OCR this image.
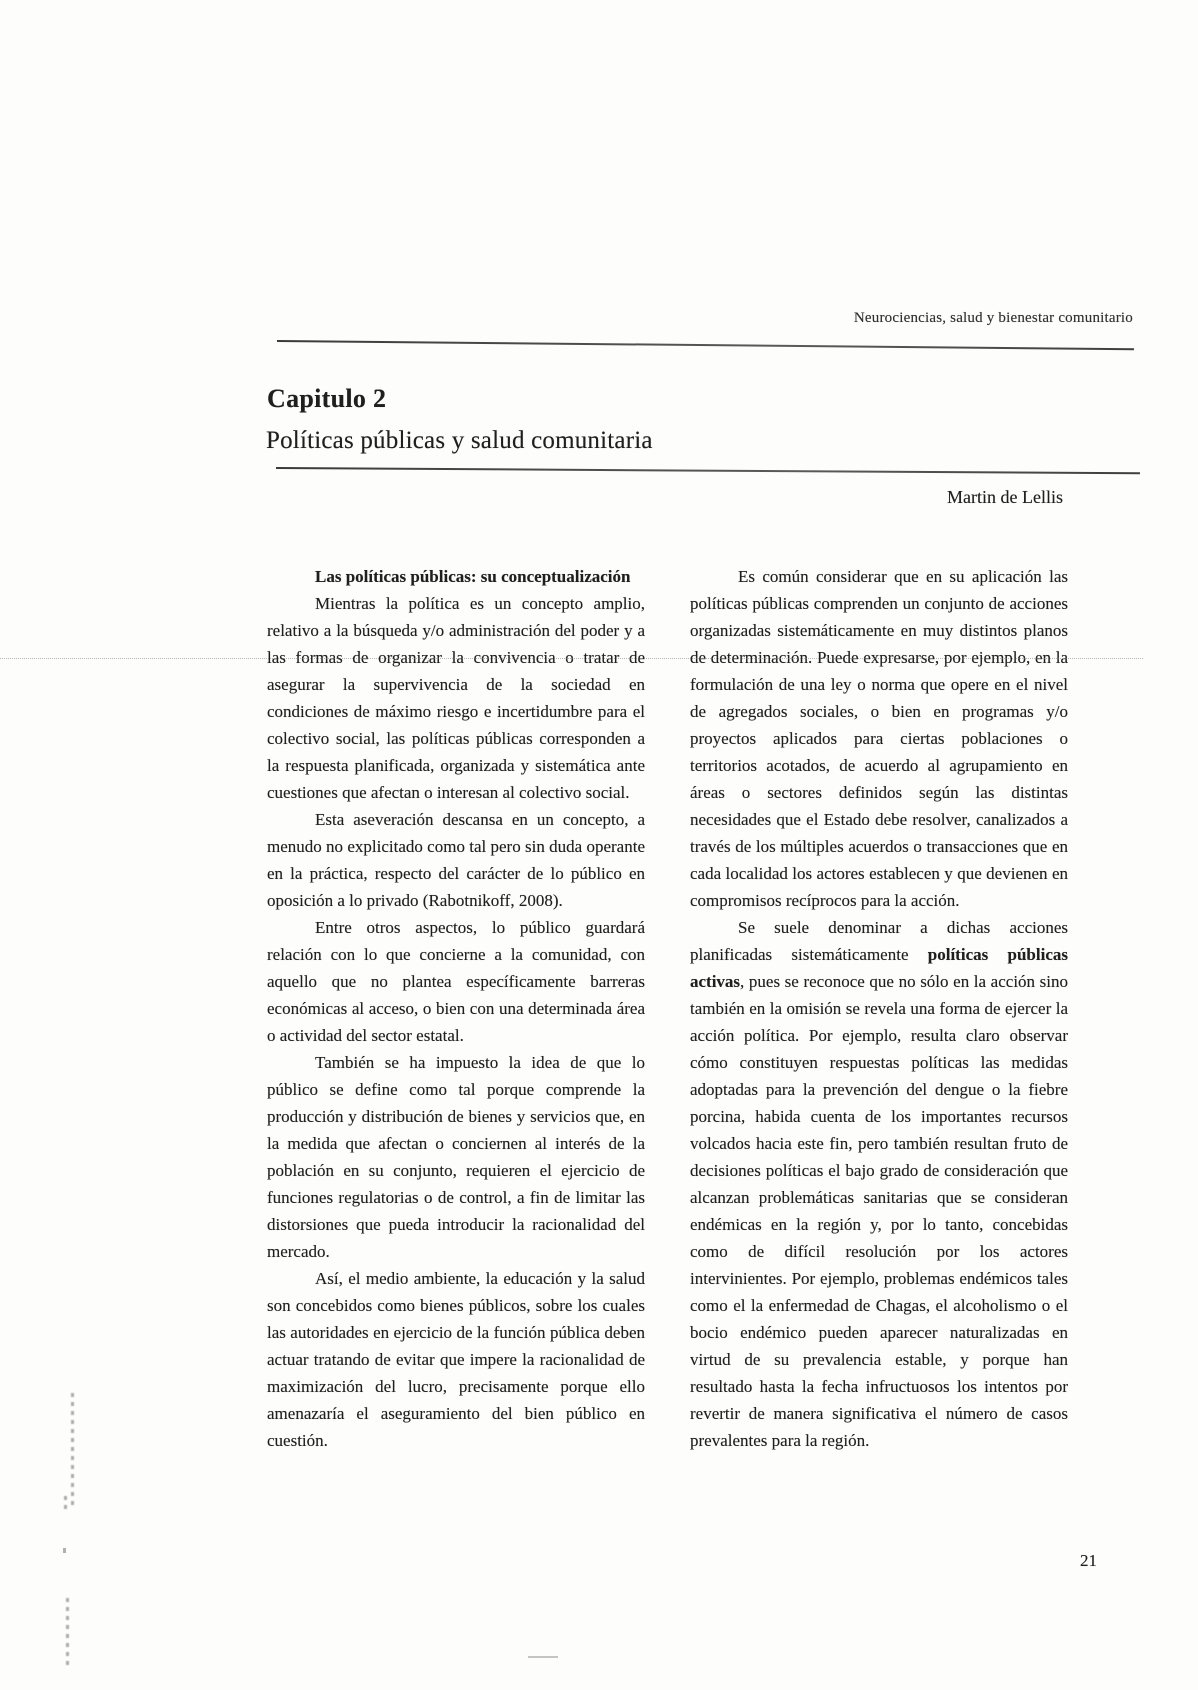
Neurociencias, salud y bienestar comunitario
Capitulo 2
Políticas públicas y salud comunitaria
Martin de Lellis

Las políticas públicas: su conceptualización

Mientras la política es un concepto amplio, relativo a la búsqueda y/o administración del poder y a las formas de organizar la convivencia o tratar de asegurar la supervivencia de la sociedad en condiciones de máximo riesgo e incertidumbre para el colectivo social, las políticas públicas corresponden a la respuesta planificada, organizada y sistemática ante cuestiones que afectan o interesan al colectivo social.

Esta aseveración descansa en un concepto, a menudo no explicitado como tal pero sin duda operante en la práctica, respecto del carácter de lo público en oposición a lo privado (Rabotnikoff, 2008).

Entre otros aspectos, lo público guardará relación con lo que concierne a la comunidad, con aquello que no plantea específicamente barreras económicas al acceso, o bien con una determinada área o actividad del sector estatal.

También se ha impuesto la idea de que lo público se define como tal porque comprende la producción y distribución de bienes y servicios que, en la medida que afectan o conciernen al interés de la población en su conjunto, requieren el ejercicio de funciones regulatorias o de control, a fin de limitar las distorsiones que pueda introducir la racionalidad del mercado.

Así, el medio ambiente, la educación y la salud son concebidos como bienes públicos, sobre los cuales las autoridades en ejercicio de la función pública deben actuar tratando de evitar que impere la racionalidad de maximización del lucro, precisamente porque ello amenazaría el aseguramiento del bien público en cuestión.

Es común considerar que en su aplicación las políticas públicas comprenden un conjunto de acciones organizadas sistemáticamente en muy distintos planos de determinación. Puede expresarse, por ejemplo, en la formulación de una ley o norma que opere en el nivel de agregados sociales, o bien en programas y/o proyectos aplicados para ciertas poblaciones o territorios acotados, de acuerdo al agrupamiento en áreas o sectores definidos según las distintas necesidades que el Estado debe resolver, canalizados a través de los múltiples acuerdos o transacciones que en cada localidad los actores establecen y que devienen en compromisos recíprocos para la acción.

Se suele denominar a dichas acciones planificadas sistemáticamente políticas públicas activas, pues se reconoce que no sólo en la acción sino también en la omisión se revela una forma de ejercer la acción política. Por ejemplo, resulta claro observar cómo constituyen respuestas políticas las medidas adoptadas para la prevención del dengue o la fiebre porcina, habida cuenta de los importantes recursos volcados hacia este fin, pero también resultan fruto de decisiones políticas el bajo grado de consideración que alcanzan problemáticas sanitarias que se consideran endémicas en la región y, por lo tanto, concebidas como de difícil resolución por los actores intervinientes. Por ejemplo, problemas endémicos tales como el la enfermedad de Chagas, el alcoholismo o el bocio endémico pueden aparecer naturalizadas en virtud de su prevalencia estable, y porque han resultado hasta la fecha infructuosos los intentos por revertir de manera significativa el número de casos prevalentes para la región.

21
